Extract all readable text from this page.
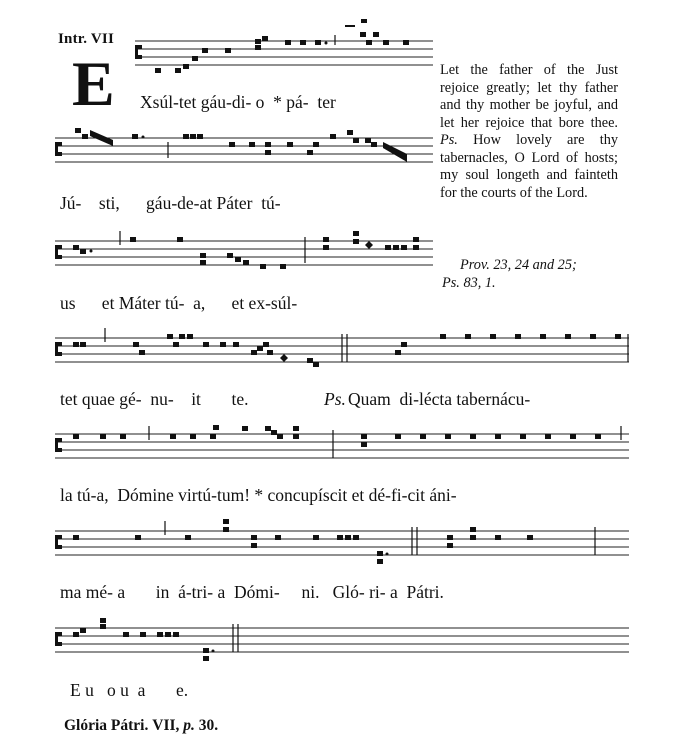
Intr. VII
E Xsúl-tet gáu-di- o  * pá-  ter
Jú-    sti,      gáu-de-at Páter  tú-
us      et Máter tú-  a,      et ex-súl-
tet quae gé-  nu-    it       te.	Ps. Quam  di-lécta tabernácu-
la tú-a,  Dómine virtú-tum! * concupíscit et dé-fi-cit áni-
ma mé- a       in  á-tri- a  Dómi-     ni.   Gló- ri- a  Pátri.
E u   o u  a       e.

Let the father of the Just rejoice greatly; let thy father and thy mother be joyful, and let her rejoice that bore thee. Ps. How lovely are thy tabernacles, O Lord of hosts; my soul longeth and fainteth for the courts of the Lord.

Prov. 23, 24 and 25;
Ps. 83, 1.
Glória Pátri. VII, p. 30.
